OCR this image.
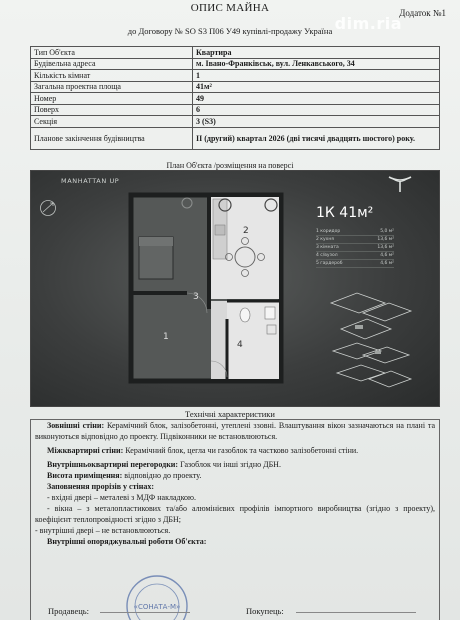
ОПИС МАЙНА	Додаток №1
до Договору № SO S3 П06 У49 купівлі-продажу Україна dim.ria
Тип Об'єкта	Квартира
Будівельна адреса	м. Івано-Франківськ, вул. Ленкавського, 34
Кількість кімнат	1
Загальна проектна площа	41м²
Номер	49
Поверх	6
Секція	3 (S3)
Планове закінчення будівництва	ІІ (другий) квартал 2026 (дві тисячі двадцять шостого) року.
План Об'єкта /розміщення на поверсі
MANHATTAN UP
1
2
3
4
1К 41м²
1 коридор	5,0 м²
2 кухня	13,6 м²
3 кімната	13,6 м²
4 с/вузол	4,6 м²
5 гардероб	4,6 м²
Технічні характеристики

Зовнішні стіни: Керамічний блок, залізобетонні, утеплені ззовні. Влаштування вікон зазначаються на плані та виконуються відповідно до проекту. Підвіконники не встановлюються.

Міжквартирні стіни: Керамічний блок, цегла чи газоблок та частково залізобетонні стіни.

Внутрішньоквартирні перегородки: Газоблок чи інші згідно ДБН.

Висота приміщення: відповідно до проекту.

Заповнення прорізів у стінах:

- вхідні двері – металеві з МДФ накладкою.

- вікна – з металопластикових та/або алюмінієвих профілів імпортного виробництва (згідно з проекту), коефіцієнт теплопровідності згідно з ДБН;

- внутрішні двері – не встановлюються.

Внутрішні опоряджувальні роботи Об'єкта:

«СОНАТА-М»
Продавець:	Покупець:
